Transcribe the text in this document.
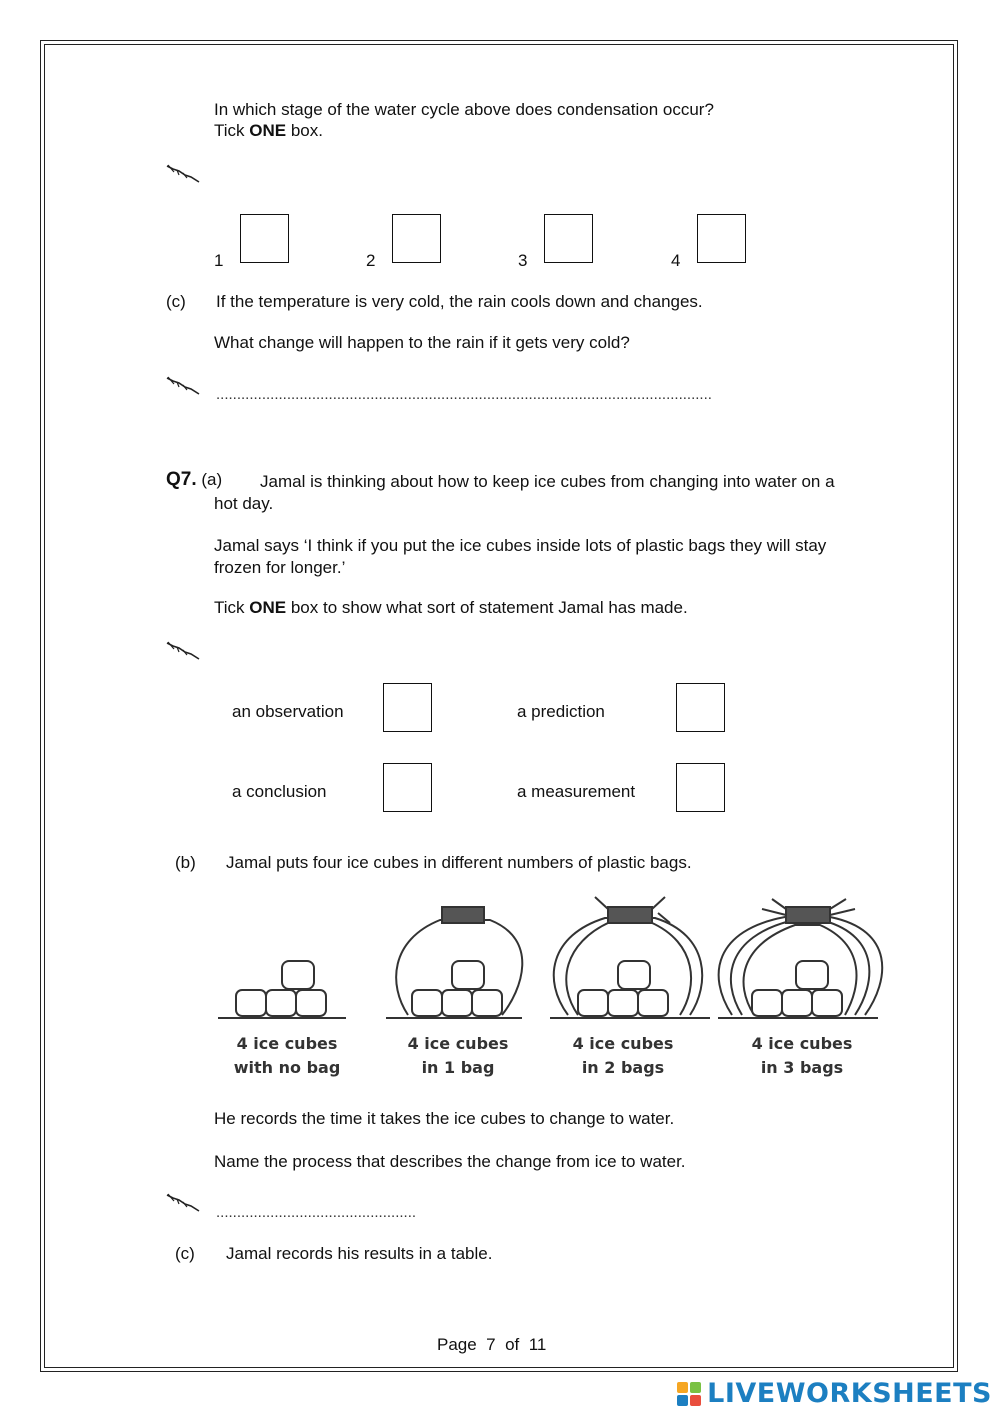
In which stage of the water cycle above does condensation occur?
Tick ONE box.
1	2	3	4
(c) If the temperature is very cold, the rain cools down and changes.
What change will happen to the rain if it gets very cold?
.......................................................................................................................
Q7. (a) Jamal is thinking about how to keep ice cubes from changing into water on a
hot day.
Jamal says ‘I think if you put the ice cubes inside lots of plastic bags they will stay
frozen for longer.’
Tick ONE box to show what sort of statement Jamal has made.
an observation	a prediction
a conclusion	a measurement
(b) Jamal puts four ice cubes in different numbers of plastic bags.
4 ice cubes
with no bag
4 ice cubes
in 1 bag
4 ice cubes
in 2 bags
4 ice cubes
in 3 bags
He records the time it takes the ice cubes to change to water.
Name the process that describes the change from ice to water.
................................................
(c) Jamal records his results in a table.
Page 7 of 11
LIVEWORKSHEETS
